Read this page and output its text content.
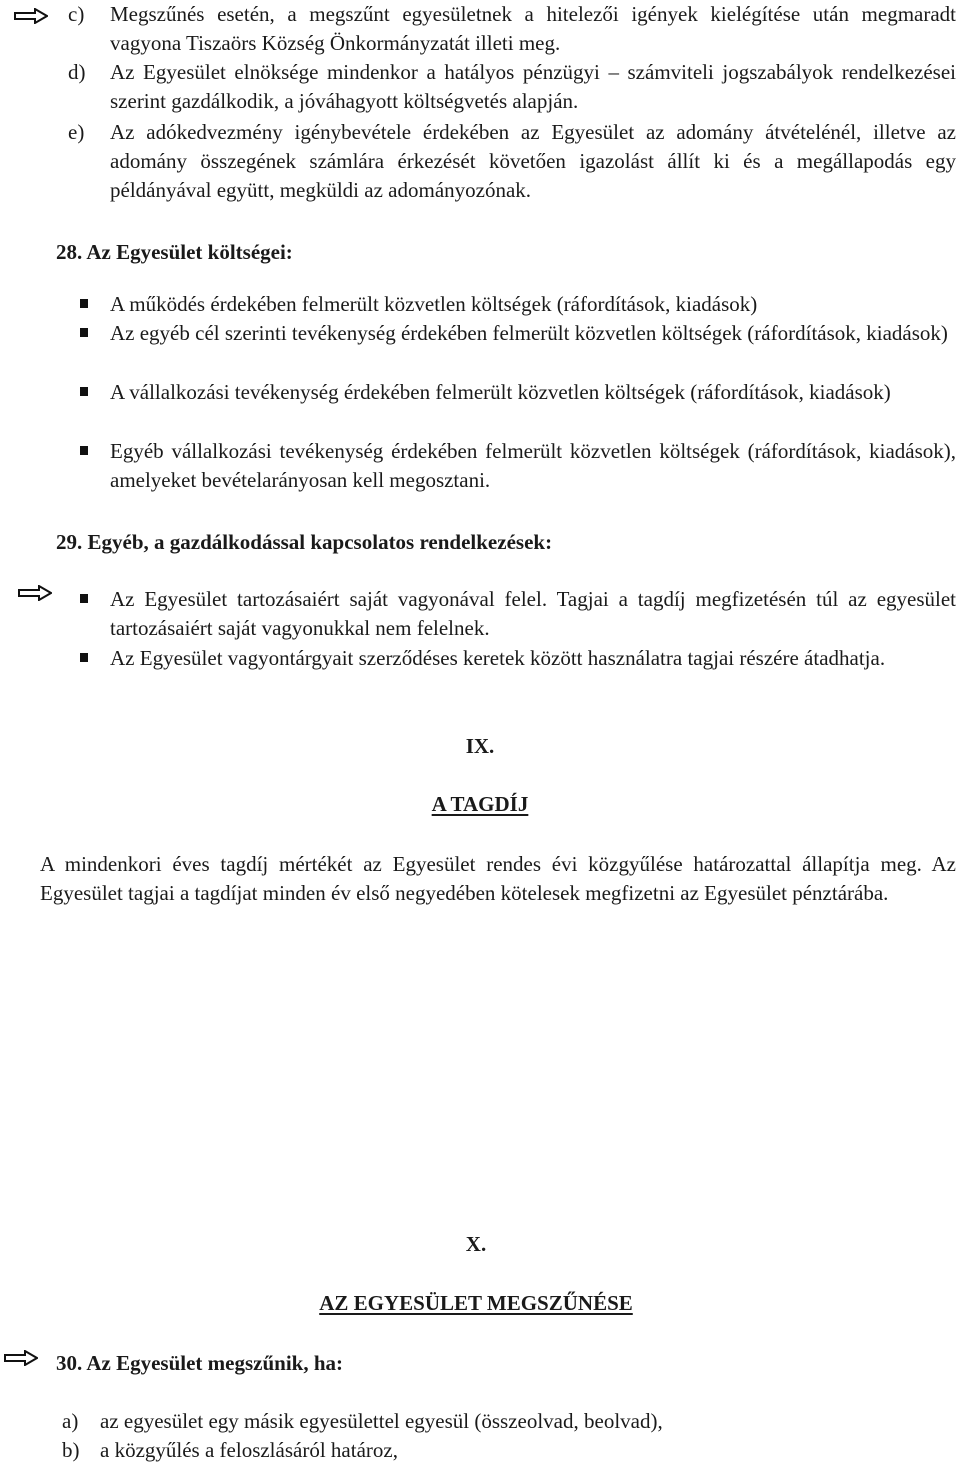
c)	Megszűnés esetén, a megszűnt egyesületnek a hitelezői igények kielégítése után megmaradt vagyona Tiszaörs Község Önkormányzatát illeti meg.
d)	Az Egyesület elnöksége mindenkor a hatályos pénzügyi – számviteli jogszabályok rendelkezései szerint gazdálkodik, a jóváhagyott költségvetés alapján.
e)	Az adókedvezmény igénybevétele érdekében az Egyesület az adomány átvételénél, illetve az adomány összegének számlára érkezését követően igazolást állít ki és a megállapodás egy példányával együtt, megküldi az adományozónak.
28. Az Egyesület költségei:
A működés érdekében felmerült közvetlen költségek (ráfordítások, kiadások)
Az egyéb cél szerinti tevékenység érdekében felmerült közvetlen költségek (ráfordítások, kiadások)
A vállalkozási tevékenység érdekében felmerült közvetlen költségek (ráfordítások, kiadások)
Egyéb vállalkozási tevékenység érdekében felmerült közvetlen költségek (ráfordítások, kiadások), amelyeket bevételarányosan kell megosztani.
29. Egyéb, a gazdálkodással kapcsolatos rendelkezések:
Az Egyesület tartozásaiért saját vagyonával felel. Tagjai a tagdíj megfizetésén túl az egyesület tartozásaiért saját vagyonukkal nem felelnek.
Az Egyesület vagyontárgyait szerződéses keretek között használatra tagjai részére átadhatja.
IX.
A TAGDÍJ
A mindenkori éves tagdíj mértékét az Egyesület rendes évi közgyűlése határozattal állapítja meg. Az Egyesület tagjai a tagdíjat minden év első negyedében kötelesek megfizetni az Egyesület pénztárába.
X.
AZ EGYESÜLET MEGSZŰNÉSE
30. Az Egyesület megszűnik, ha:
a)	az egyesület egy másik egyesülettel egyesül (összeolvad, beolvad),
b) a közgyűlés a feloszlásáról határoz,
